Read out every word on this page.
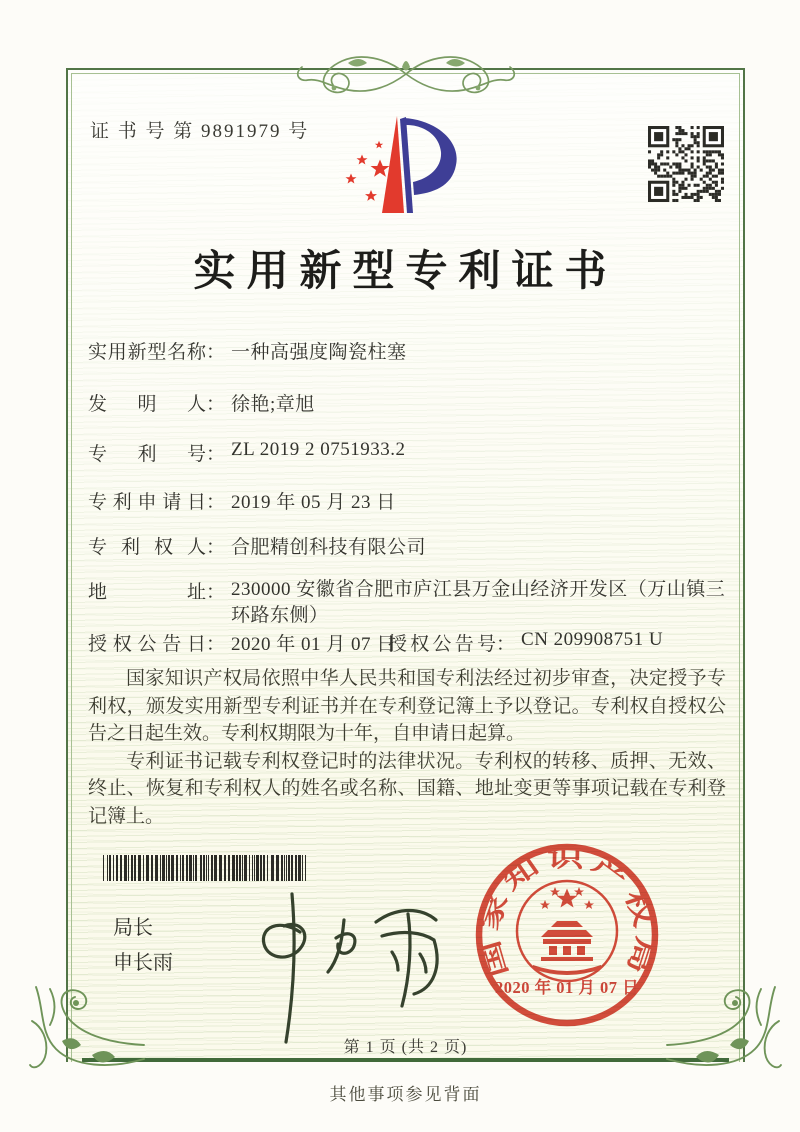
证 书 号 第 9891979 号
实用新型专利证书
实用新型名称： 一种高强度陶瓷柱塞
发明人： 徐艳;章旭
专利号： ZL 2019 2 0751933.2
专利申请日： 2019 年 05 月 23 日
专利权人： 合肥精创科技有限公司
地址： 230000 安徽省合肥市庐江县万金山经济开发区（万山镇三环路东侧）
授权公告日： 2020 年 01 月 07 日
授权公告号： CN 209908751 U

国家知识产权局依照中华人民共和国专利法经过初步审查，决定授予专利权，颁发实用新型专利证书并在专利登记簿上予以登记。专利权自授权公告之日起生效。专利权期限为十年，自申请日起算。

专利证书记载专利权登记时的法律状况。专利权的转移、质押、无效、终止、恢复和专利权人的姓名或名称、国籍、地址变更等事项记载在专利登记簿上。

局长
申长雨	国家知识产权局
2020 年 01 月 07 日
第 1 页 (共 2 页)
其他事项参见背面
